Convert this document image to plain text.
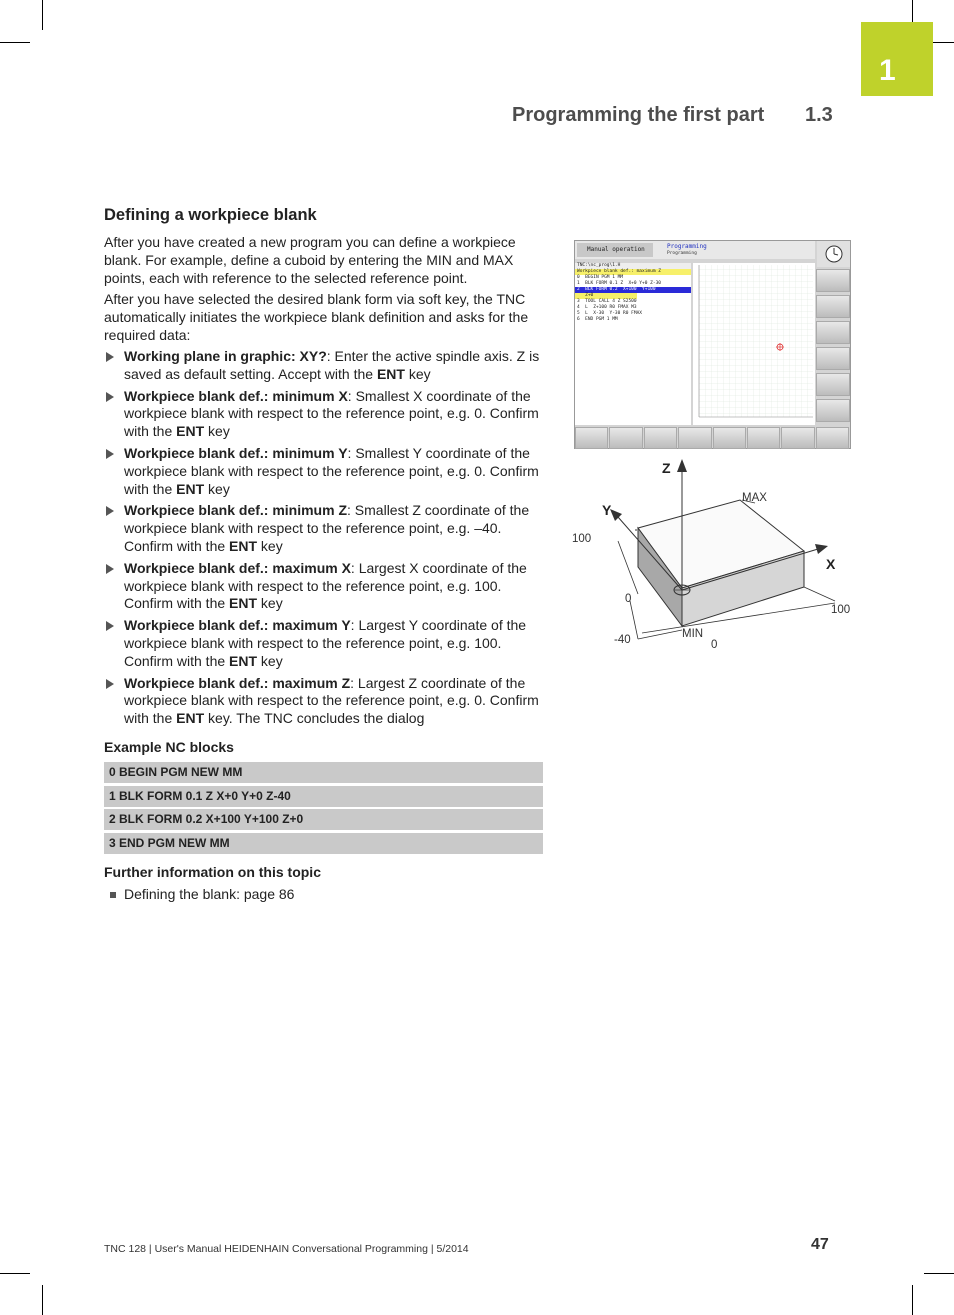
1
Programming the first part 1.3
Defining a workpiece blank

After you have created a new program you can define a workpiece blank. For example, define a cuboid by entering the MIN and MAX points, each with reference to the selected reference point.

After you have selected the desired blank form via soft key, the TNC automatically initiates the workpiece blank definition and asks for the required data:

Working plane in graphic: XY?: Enter the active spindle axis. Z is saved as default setting. Accept with the ENT key
Workpiece blank def.: minimum X: Smallest X coordinate of the workpiece blank with respect to the reference point, e.g. 0. Confirm with the ENT key
Workpiece blank def.: minimum Y: Smallest Y coordinate of the workpiece blank with respect to the reference point, e.g. 0. Confirm with the ENT key
Workpiece blank def.: minimum Z: Smallest Z coordinate of the workpiece blank with respect to the reference point, e.g. –40. Confirm with the ENT key
Workpiece blank def.: maximum X: Largest X coordinate of the workpiece blank with respect to the reference point, e.g. 100. Confirm with the ENT key
Workpiece blank def.: maximum Y: Largest Y coordinate of the workpiece blank with respect to the reference point, e.g. 100. Confirm with the ENT key
Workpiece blank def.: maximum Z: Largest Z coordinate of the workpiece blank with respect to the reference point, e.g. 0. Confirm with the ENT key. The TNC concludes the dialog
Example NC blocks
0 BEGIN PGM NEW MM
1 BLK FORM 0.1 Z X+0 Y+0 Z-40
2 BLK FORM 0.2 X+100 Y+100 Z+0
3 END PGM NEW MM
Further information on this topic
Defining the blank: page 86
Manual operation	Programming
Programming
TNC:\nc_prog\1.H
Workpiece blank def.: maximum Z
0  BEGIN PGM 1 MM
1  BLK FORM 0.1 Z  X+0 Y+0 Z-30
2  BLK FORM 0.2  X+100  Y+100
Z+0
3  TOOL CALL 4 Z S2500
4  L  Z+100 R0 FMAX M3
5  L  X-30  Y-30 R0 FMAX
6  END PGM 1 MM
Z
Y
X
MAX
MIN
100
0
-40	0
100
TNC 128 | User's Manual HEIDENHAIN Conversational Programming | 5/2014	47
